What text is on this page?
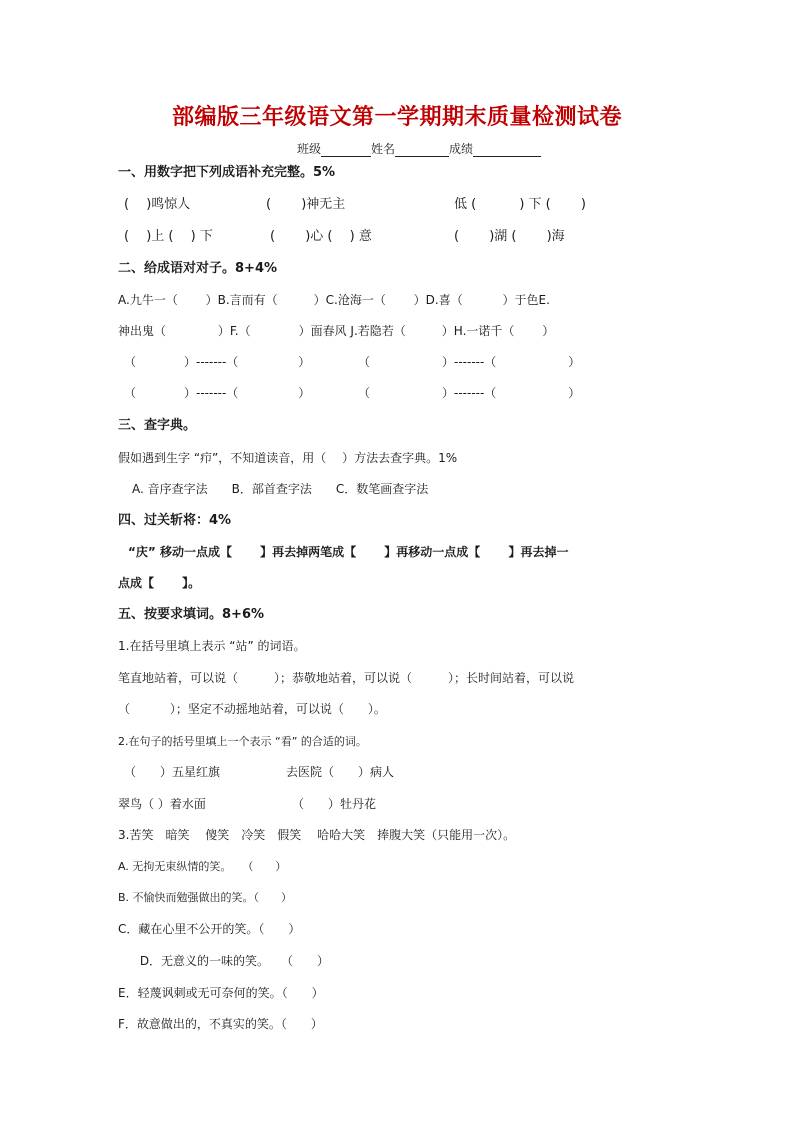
部编版三年级语文第一学期期末质量检测试卷
班级	姓名	成绩
一、用数字把下列成语补充完整。5%
(　 )鸣惊人	(　　 )神无主	低 (　　　 ) 下 (　　 )
(　 )上 (　 ) 下	(　　 )心 (　 ) 意	(　　 )湖 (　　 )海
二、给成语对对子。8+4%
A.九牛一（　　 ）B.言而有（　　　）C.沧海一（　　 ）D.喜（　　　 ）于色E.
神出鬼（　　　　 ）F.（　　　　）面春风 J.若隐若（　　　）H.一诺千（　　 ）
（　　　　）-------（　　　　　）	（　　　　　　）-------（　　　　　　）
（　　　　）-------（　　　　　）	（　　　　　　）-------（　　　　　　）
三、查字典。
假如遇到生字 “疖”，不知道读音，用（　 ）方法去查字典。1%
A. 音序查字法　　B．部首查字法　　C．数笔画查字法
四、过关斩将：4%
“庆” 移动一点成【　　 】再去掉两笔成【　　 】再移动一点成【　　 】再去掉一
点成【　　 】。
五、按要求填词。8+6%
1.在括号里填上表示 “站” 的词语。
笔直地站着，可以说（　　　）；恭敬地站着，可以说（　　　）；长时间站着，可以说
（　　　 ）；坚定不动摇地站着，可以说（　　）。
2.在句子的括号里填上一个表示 “看” 的合适的词。
（　　）五星红旗	去医院（　　）病人
翠鸟（ ）着水面	（　　）牡丹花
3.苦笑　暗笑　 傻笑　冷笑　假笑　 哈哈大笑　捧腹大笑（只能用一次）。
A. 无拘无束纵情的笑。　　（　　）
B. 不愉快而勉强做出的笑。（　　）
C．藏在心里不公开的笑。（　　）
　 D．无意义的一味的笑。　　（　　）
E．轻蔑讽刺或无可奈何的笑。（　　）
F．故意做出的，不真实的笑。（　　）
